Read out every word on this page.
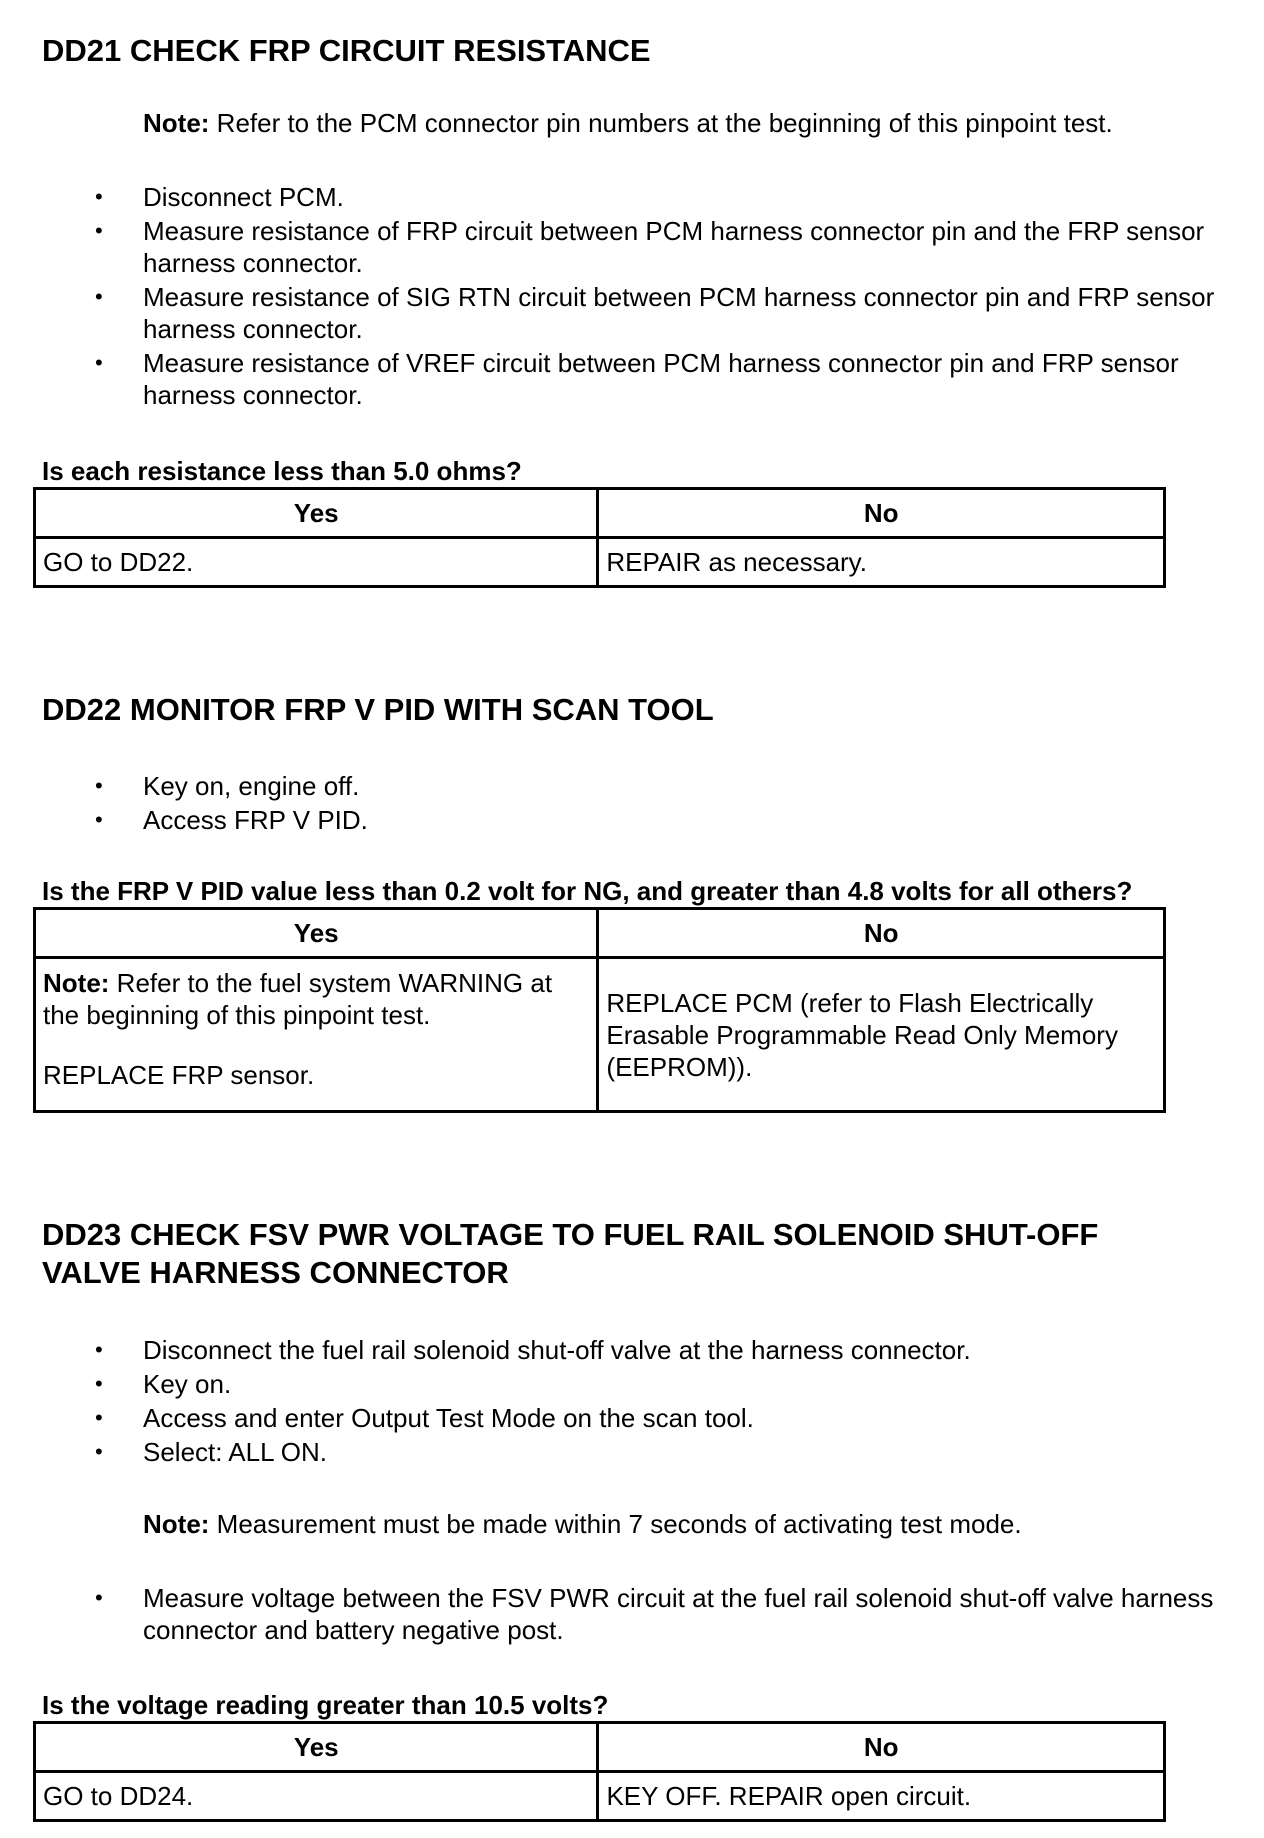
DD21 CHECK FRP CIRCUIT RESISTANCE
Note: Refer to the PCM connector pin numbers at the beginning of this pinpoint test.
• Disconnect PCM.
• Measure resistance of FRP circuit between PCM harness connector pin and the FRP sensor harness connector.
• Measure resistance of SIG RTN circuit between PCM harness connector pin and FRP sensor harness connector.
• Measure resistance of VREF circuit between PCM harness connector pin and FRP sensor harness connector.
Is each resistance less than 5.0 ohms?
Yes	No
GO to DD22.	REPAIR as necessary.
DD22 MONITOR FRP V PID WITH SCAN TOOL
• Key on, engine off.
• Access FRP V PID.
Is the FRP V PID value less than 0.2 volt for NG, and greater than 4.8 volts for all others?
Yes	No

Note: Refer to the fuel system WARNING at the beginning of this pinpoint test.
REPLACE FRP sensor.	REPLACE PCM (refer to Flash Electrically Erasable Programmable Read Only Memory (EEPROM)).
DD23 CHECK FSV PWR VOLTAGE TO FUEL RAIL SOLENOID SHUT-OFF
VALVE HARNESS CONNECTOR
• Disconnect the fuel rail solenoid shut-off valve at the harness connector.
• Key on.
• Access and enter Output Test Mode on the scan tool.
• Select: ALL ON.
Note: Measurement must be made within 7 seconds of activating test mode.
• Measure voltage between the FSV PWR circuit at the fuel rail solenoid shut-off valve harness connector and battery negative post.
Is the voltage reading greater than 10.5 volts?
Yes	No
GO to DD24.	KEY OFF. REPAIR open circuit.
